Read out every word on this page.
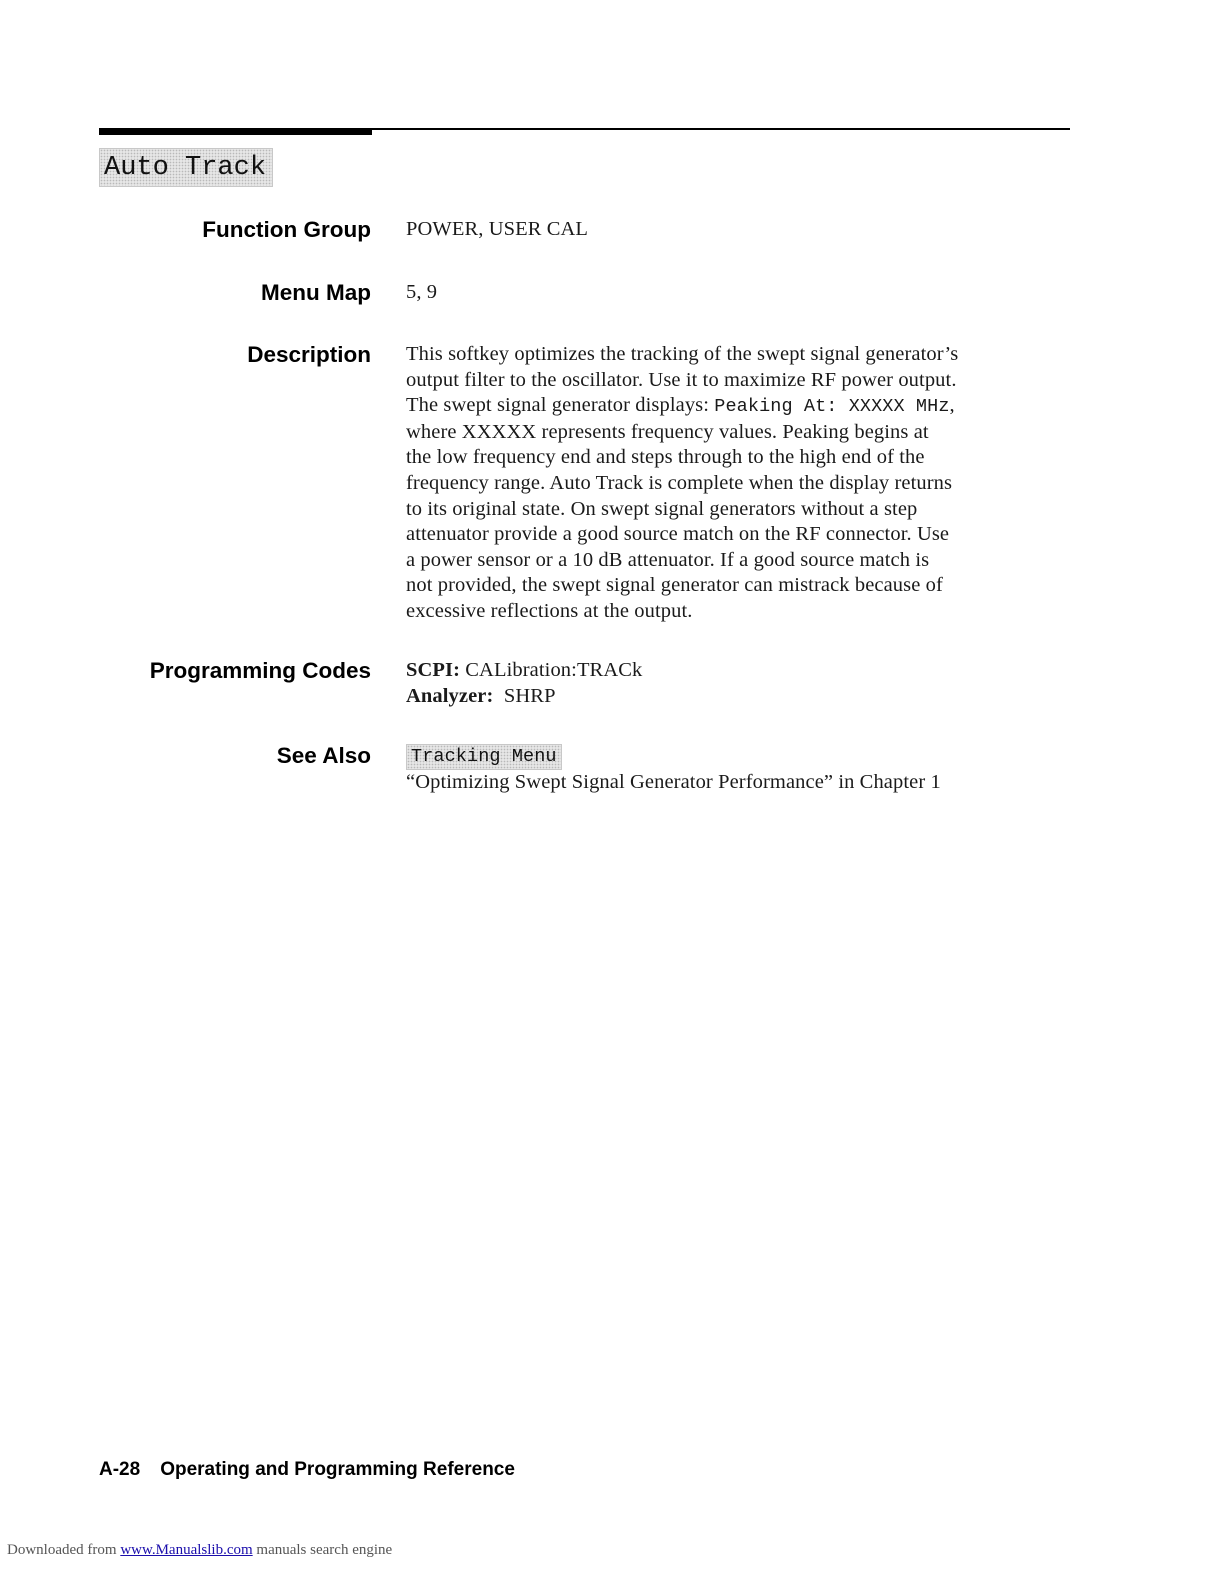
Auto Track
Function Group POWER, USER CAL
Menu Map 5, 9
Description This softkey optimizes the tracking of the swept signal generator’s
output filter to the oscillator. Use it to maximize RF power output.
The swept signal generator displays: Peaking At: XXXXX MHz,
where XXXXX represents frequency values. Peaking begins at
the low frequency end and steps through to the high end of the
frequency range. Auto Track is complete when the display returns
to its original state. On swept signal generators without a step
attenuator provide a good source match on the RF connector. Use
a power sensor or a 10 dB attenuator. If a good source match is
not provided, the swept signal generator can mistrack because of
excessive reflections at the output.
Programming Codes SCPI: CALibration:TRACk
Analyzer: SHRP
See Also Tracking Menu
“Optimizing Swept Signal Generator Performance” in Chapter 1
A-28 Operating and Programming Reference
Downloaded from www.Manualslib.com manuals search engine
